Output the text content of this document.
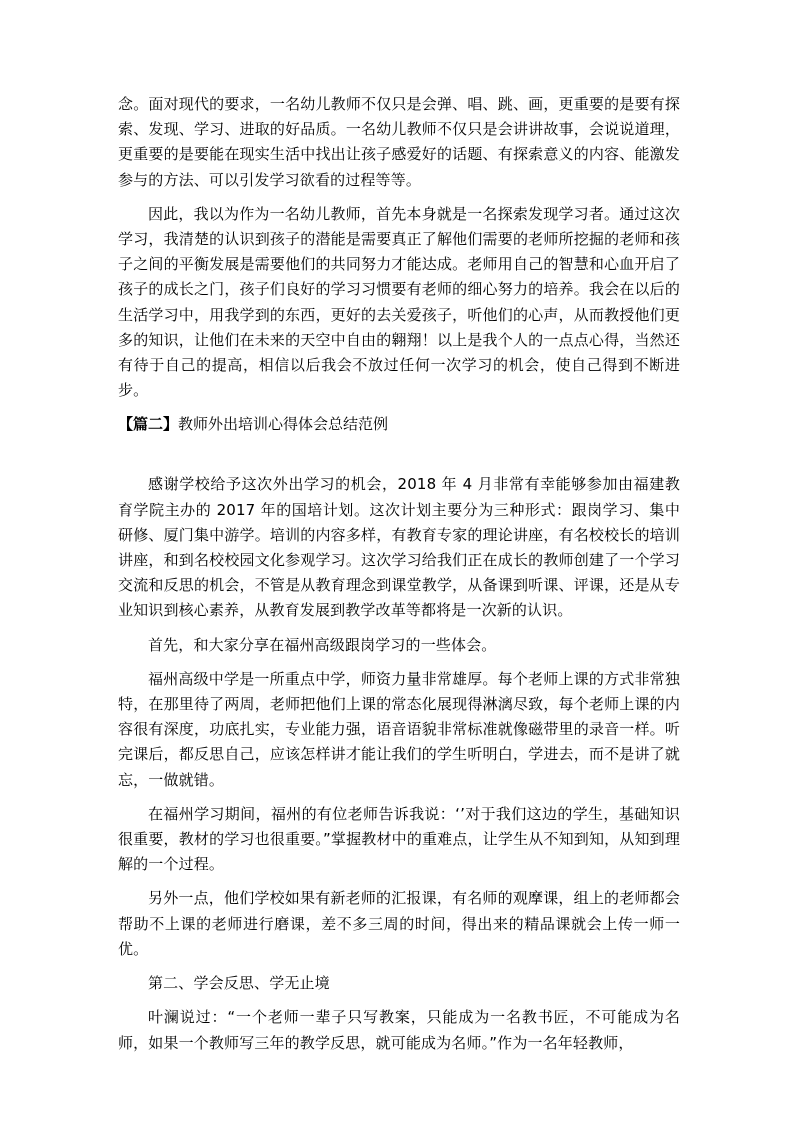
念。面对现代的要求，一名幼儿教师不仅只是会弹、唱、跳、画，更重要的是要有探索、发现、学习、进取的好品质。一名幼儿教师不仅只是会讲讲故事，会说说道理，更重要的是要能在现实生活中找出让孩子感爱好的话题、有探索意义的内容、能激发参与的方法、可以引发学习欲看的过程等等。

因此，我以为作为一名幼儿教师，首先本身就是一名探索发现学习者。通过这次学习，我清楚的认识到孩子的潜能是需要真正了解他们需要的老师所挖掘的老师和孩子之间的平衡发展是需要他们的共同努力才能达成。老师用自己的智慧和心血开启了孩子的成长之门，孩子们良好的学习习惯要有老师的细心努力的培养。我会在以后的生活学习中，用我学到的东西，更好的去关爱孩子，听他们的心声，从而教授他们更多的知识，让他们在未来的天空中自由的翱翔！以上是我个人的一点点心得，当然还有待于自己的提高，相信以后我会不放过任何一次学习的机会，使自己得到不断进步。

【篇二】教师外出培训心得体会总结范例

感谢学校给予这次外出学习的机会，2018 年 4 月非常有幸能够参加由福建教育学院主办的 2017 年的国培计划。这次计划主要分为三种形式：跟岗学习、集中研修、厦门集中游学。培训的内容多样，有教育专家的理论讲座，有名校校长的培训讲座，和到名校校园文化参观学习。这次学习给我们正在成长的教师创建了一个学习交流和反思的机会，不管是从教育理念到课堂教学，从备课到听课、评课，还是从专业知识到核心素养，从教育发展到教学改革等都将是一次新的认识。

首先，和大家分享在福州高级跟岗学习的一些体会。

福州高级中学是一所重点中学，师资力量非常雄厚。每个老师上课的方式非常独特，在那里待了两周，老师把他们上课的常态化展现得淋漓尽致，每个老师上课的内容很有深度，功底扎实，专业能力强，语音语貌非常标准就像磁带里的录音一样。听完课后，都反思自己，应该怎样讲才能让我们的学生听明白，学进去，而不是讲了就忘，一做就错。

在福州学习期间，福州的有位老师告诉我说：‘’对于我们这边的学生，基础知识很重要，教材的学习也很重要。”掌握教材中的重难点，让学生从不知到知，从知到理解的一个过程。

另外一点，他们学校如果有新老师的汇报课，有名师的观摩课，组上的老师都会帮助不上课的老师进行磨课，差不多三周的时间，得出来的精品课就会上传一师一优。

第二、学会反思、学无止境

叶澜说过：“一个老师一辈子只写教案，只能成为一名教书匠，不可能成为名师，如果一个教师写三年的教学反思，就可能成为名师。”作为一名年轻教师，
